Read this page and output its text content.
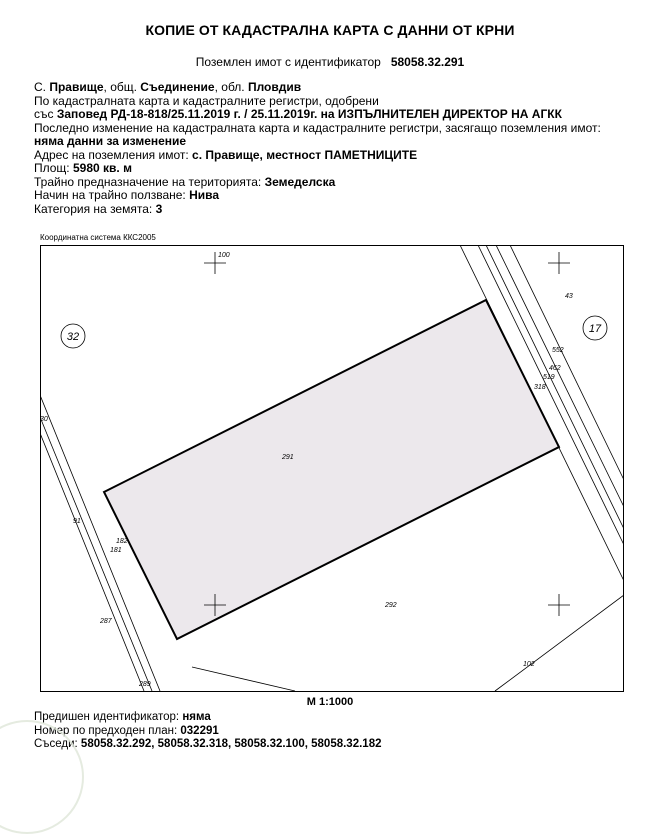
КОПИЕ ОТ КАДАСТРАЛНА КАРТА С ДАННИ ОТ КРНИ
Поземлен имот с идентификатор 58058.32.291
С. Правище, общ. Съединение, обл. Пловдив
По кадастралната карта и кадастралните регистри, одобрени
със Заповед РД-18-818/25.11.2019 г. / 25.11.2019г. на ИЗПЪЛНИТЕЛЕН ДИРЕКТОР НА АГКК
Последно изменение на кадастралната карта и кадастралните регистри, засягащо поземления имот:
няма данни за изменение
Адрес на поземления имот: с. Правище, местност ПАМЕТНИЦИТЕ
Площ: 5980 кв. м
Трайно предназначение на територията: Земеделска
Начин на трайно ползване: Нива
Категория на земята: 3
Координатна система ККС2005
32
17
291
100
43
552
462
519
318
292
102
91
182
181
287
289
30
М 1:1000
Предишен идентификатор: няма
Номер по предходен план: 032291
Съседи: 58058.32.292, 58058.32.318, 58058.32.100, 58058.32.182
